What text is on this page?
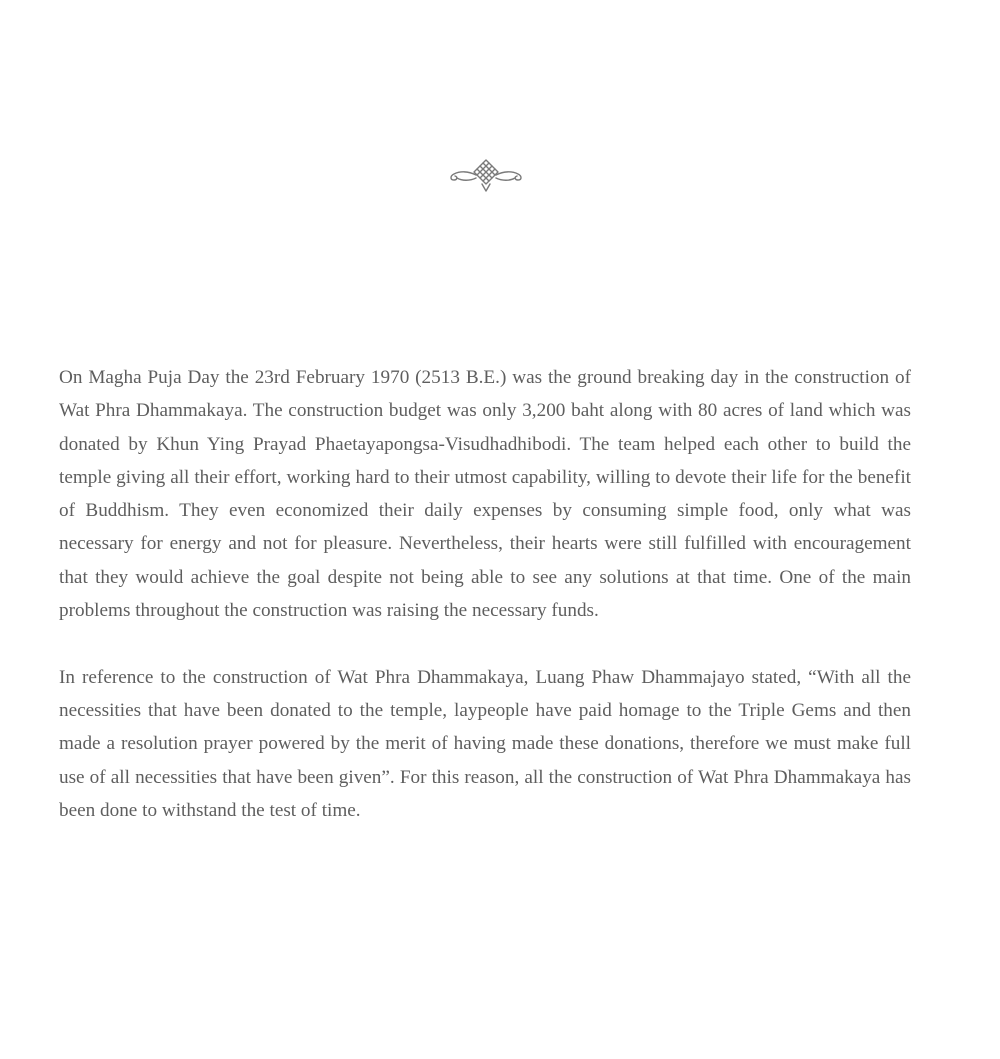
On Magha Puja Day the 23rd February 1970 (2513 B.E.) was the ground breaking day in the construction of Wat Phra Dhammakaya. The construction budget was only 3,200 baht along with 80 acres of land which was donated by Khun Ying Prayad Phaetayapongsa-Visudhadhibodi. The team helped each other to build the temple giving all their effort, working hard to their utmost capability, willing to devote their life for the benefit of Buddhism. They even economized their daily expenses by consuming simple food, only what was necessary for energy and not for pleasure. Nevertheless, their hearts were still fulfilled with encouragement that they would achieve the goal despite not being able to see any solutions at that time. One of the main problems throughout the construction was raising the necessary funds.

In reference to the construction of Wat Phra Dhammakaya, Luang Phaw Dhammajayo stated, “With all the necessities that have been donated to the temple, laypeople have paid homage to the Triple Gems and then made a resolution prayer powered by the merit of having made these donations, therefore we must make full use of all necessities that have been given”. For this reason, all the construction of Wat Phra Dhammakaya has been done to withstand the test of time.
